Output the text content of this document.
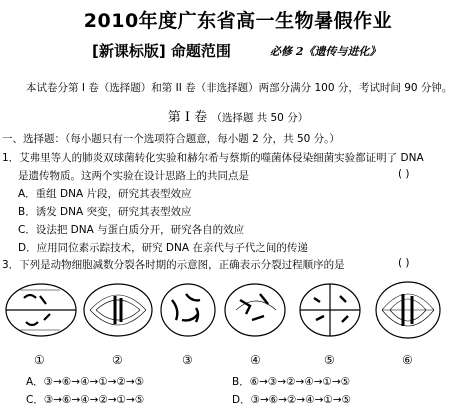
2010年度广东省高一生物暑假作业
[新课标版] 命题范围	必修 2《遗传与进化》
本试卷分第 I 卷（选择题）和第 II 卷（非选择题）两部分满分 100 分，考试时间 90 分钟。
第 I 卷 （选择题 共 50 分）
一、选择题：（每小题只有一个选项符合题意，每小题 2 分，共 50 分。）
1．艾弗里等人的肺炎双球菌转化实验和赫尔希与蔡斯的噬菌体侵染细菌实验都证明了 DNA
是遗传物质。这两个实验在设计思路上的共同点是	( )
A．重组 DNA 片段，研究其表型效应
B．诱发 DNA 突变，研究其表型效应
C．设法把 DNA 与蛋白质分开，研究各自的效应
D．应用同位素示踪技术，研究 DNA 在亲代与子代之间的传递
3．下列是动物细胞减数分裂各时期的示意图，正确表示分裂过程顺序的是	( )
①	②	③	④	⑤	⑥
A．③→⑥→④→①→②→⑤	B．⑥→③→②→④→①→⑤
C．③→⑥→④→②→①→⑤	D．③→⑥→②→④→①→⑤
